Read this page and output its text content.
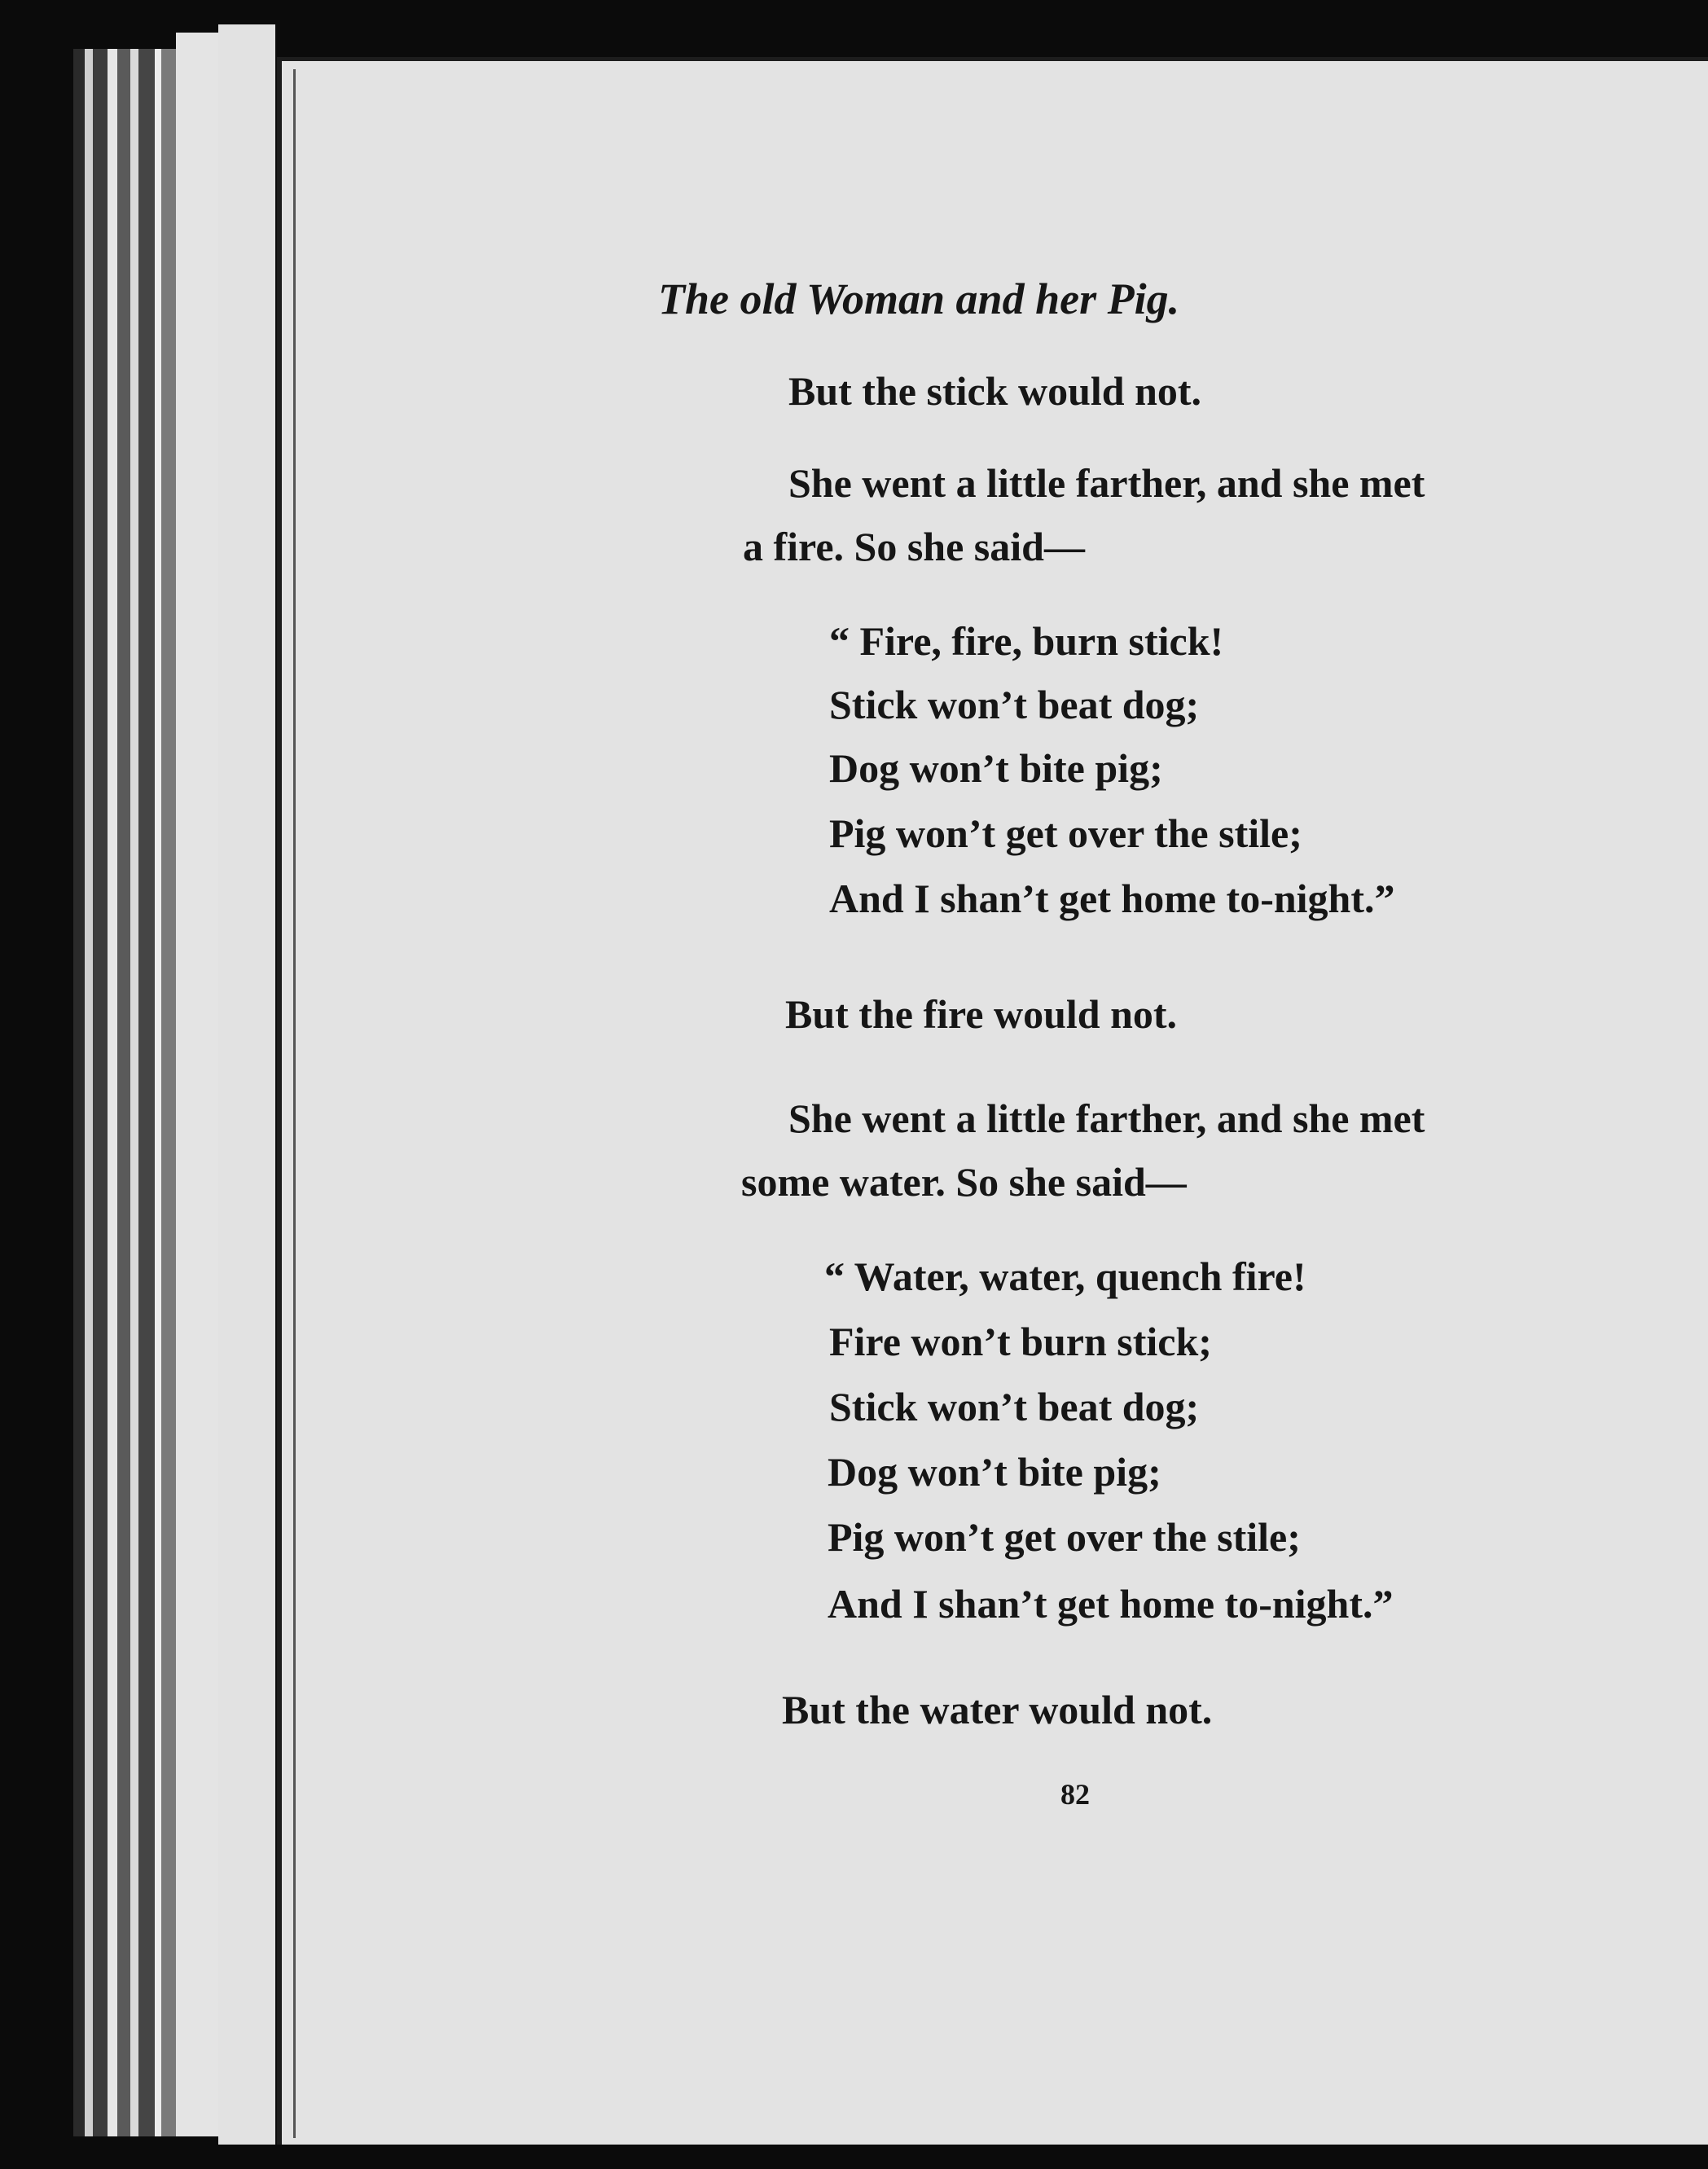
The old Woman and her Pig.
But the stick would not.
She went a little farther, and she met
a fire. So she said—
“ Fire, fire, burn stick!
Stick won’t beat dog;
Dog won’t bite pig;
Pig won’t get over the stile;
And I shan’t get home to-night.”
But the fire would not.
She went a little farther, and she met
some water. So she said—
“ Water, water, quench fire!
Fire won’t burn stick;
Stick won’t beat dog;
Dog won’t bite pig;
Pig won’t get over the stile;
And I shan’t get home to-night.”
But the water would not.
82
